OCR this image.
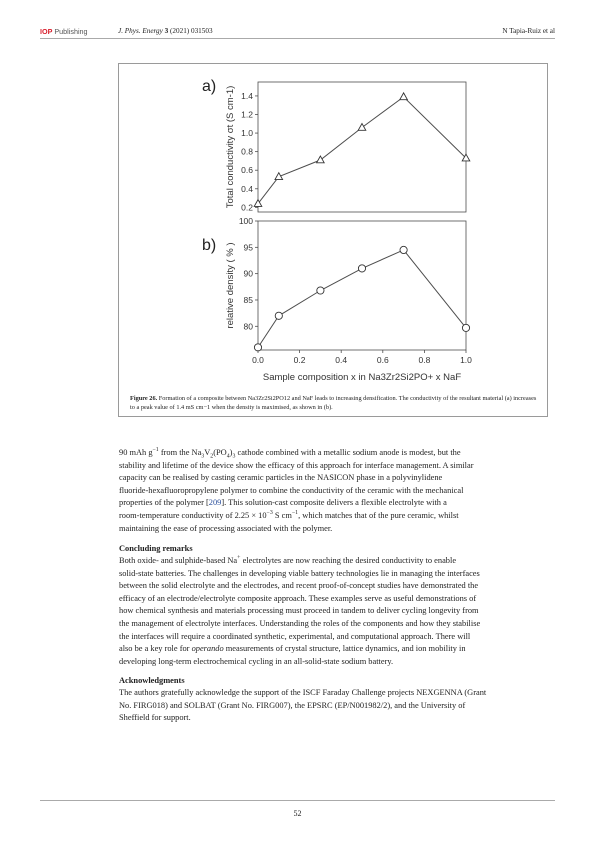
IOP Publishing	J. Phys. Energy 3 (2021) 031503	N Tapia-Ruiz et al
0.2
0.4
0.6
0.8
1.0
1.2
1.4
Total conductivity σt (S cm-1)
a)
80
85
90
95
100
relative density ( % )
b)
0.0	0.2	0.4	0.6	0.8	1.0
Sample composition x in Na3Zr2Si2PO+ x NaF
Figure 26. Formation of a composite between Na3Zr2Si2PO12 and NaF leads to increasing densification. The conductivity of the resultant material (a) increases to a peak value of 1.4 mS cm−1 when the density is maximised, as shown in (b).

90 mAh $g^{-1}$ from the $Na_3V_2(PO_4)_3$ cathode combined with a metallic sodium anode is modest, but the

stability and lifetime of the device show the efficacy of this approach for interface management. A similar

capacity can be realised by casting ceramic particles in the NASICON phase in a polyvinylidene

fluoride-hexafluoropropylene polymer to combine the conductivity of the ceramic with the mechanical

properties of the polymer [209]. This solution-cast composite delivers a flexible electrolyte with a

room-temperature conductivity of $2.25 \times 10^{-3}$ S $cm^{-1}$, which matches that of the pure ceramic, whilst

maintaining the ease of processing associated with the polymer.

Concluding remarks

Both oxide- and sulphide-based Na+ electrolytes are now reaching the desired conductivity to enable

solid-state batteries. The challenges in developing viable battery technologies lie in managing the interfaces

between the solid electrolyte and the electrodes, and recent proof-of-concept studies have demonstrated the

efficacy of an electrode/electrolyte composite approach. These examples serve as useful demonstrations of

how chemical synthesis and materials processing must proceed in tandem to deliver cycling longevity from

the management of electrolyte interfaces. Understanding the roles of the components and how they stabilise

the interfaces will require a coordinated synthetic, experimental, and computational approach. There will

also be a key role for operando measurements of crystal structure, lattice dynamics, and ion mobility in

developing long-term electrochemical cycling in an all-solid-state sodium battery.

Acknowledgments

The authors gratefully acknowledge the support of the ISCF Faraday Challenge projects NEXGENNA (Grant

No. FIRG018) and SOLBAT (Grant No. FIRG007), the EPSRC (EP/N001982/2), and the University of

Sheffield for support.

52
